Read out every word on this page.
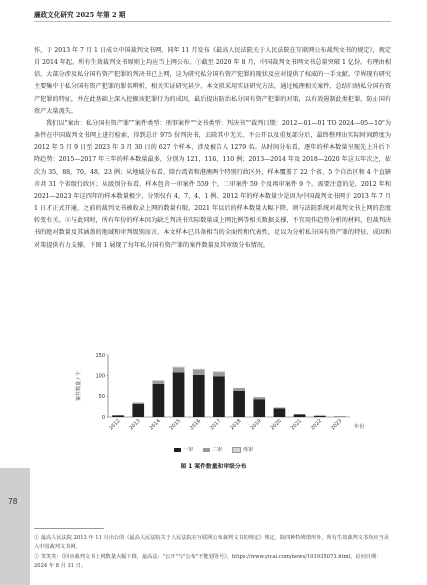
廉政文化研究 2025 年第 2 期

作，于 2013 年 7 月 1 日成立中国裁判文书网，同年 11 月发布《最高人民法院关于人民法院在互联网公布裁判文书的规定》，规定自 2014 年起，所有生效裁判文书原则上均应当上网公布。①截至 2020 年 8 月，中国裁判文书网文书总量突破 1 亿份。有理由相信，大部分涉及私分国有资产犯罪的判决书已上网，这为研究私分国有资产犯罪的现状及应对提供了权威的一手文献。学界现有研究主要集中于私分国有资产犯罪的罪名辨析，相关实证研究甚少。本文拟采用实证研究方法，通过梳理相关案件，总结归纳私分国有资产犯罪的特征，并在此基础上深入挖掘该犯罪行为的成因，最后提出防治私分国有资产犯罪的对策，以有效遏制此类犯罪，防止国有资产大量流失。

我们以"案由：私分国有资产罪""案件类型：刑事案件""文书类型：判决书""裁判日期：2012—01—01 TO 2024—05—10"为条件在中国裁判文书网上进行检索，得到总计 975 份判决书，去除其中无关、不公开以及重复部分后，最终整理出实际时间跨度为 2012 年 5 月 9 日至 2023 年 3 月 30 日的 627 个样本，涉及被告人 1279 名。从时间分布看，逐年的样本数量呈现先上升后下降趋势：2015—2017 年三年的样本数量最多，分别为 121，116，110 例；2013—2014 年及 2018—2020 年这五年次之，依次为 35，88，70，48，23 例；从地域分布看，除台湾省和港澳两个特别行政区外，样本覆盖了 22 个省、5 个自治区和 4 个直辖市共 31 个省级行政区；从级别分布看，样本包含一审案件 559 个，二审案件 59 个及再审案件 9 个。需要注意的是，2012 年和 2021—2023 年这四年的样本数量极少，分别仅有 4，7，4，1 例。2012 年的样本数量少是因为中国裁判文书网于 2013 年 7 月 1 日才正式开通，之前的裁判文书被收录上网的数量有限。2021 年以后的样本数量大幅下降，则与法院系统对裁判文书上网的态度转变有关。②与此同时，所有年份的样本因为缺乏判决书实际数量或上网比例等相关数据支撑，不宜用作趋势分析的材料，但裁判决书的绝对数量及其涵盖的地域和审判级别而言，本文样本已具备相当的全面性和代表性，足以为分析私分国有资产罪的特征、成因和对策提供有力支撑。下图 1 展现了每年私分国有资产罪的案件数量及其审级分布情况。

案件数量 / 个
0
50
100
150
2012 2013 2014 2015 2016 2017 2018 2019 2020 2021 2022 2023 年份
一审	二审	再审
图 1 案件数量和审级分布

① 最高人民法院 2013 年 11 月出台的《最高人民法院关于人民法院在互联网公布裁判文书的规定》规定，除四种特殊情形外，所有生效裁判文书均应当录入中国裁判文书网。

② 笑笑笑：《回应裁判文书上网数量大幅下降，最高法："公开"与"公布"不能划等号》，https://www.yicai.com/news/101935073.html，访问日期：2024 年 8 月 31 日。

78
